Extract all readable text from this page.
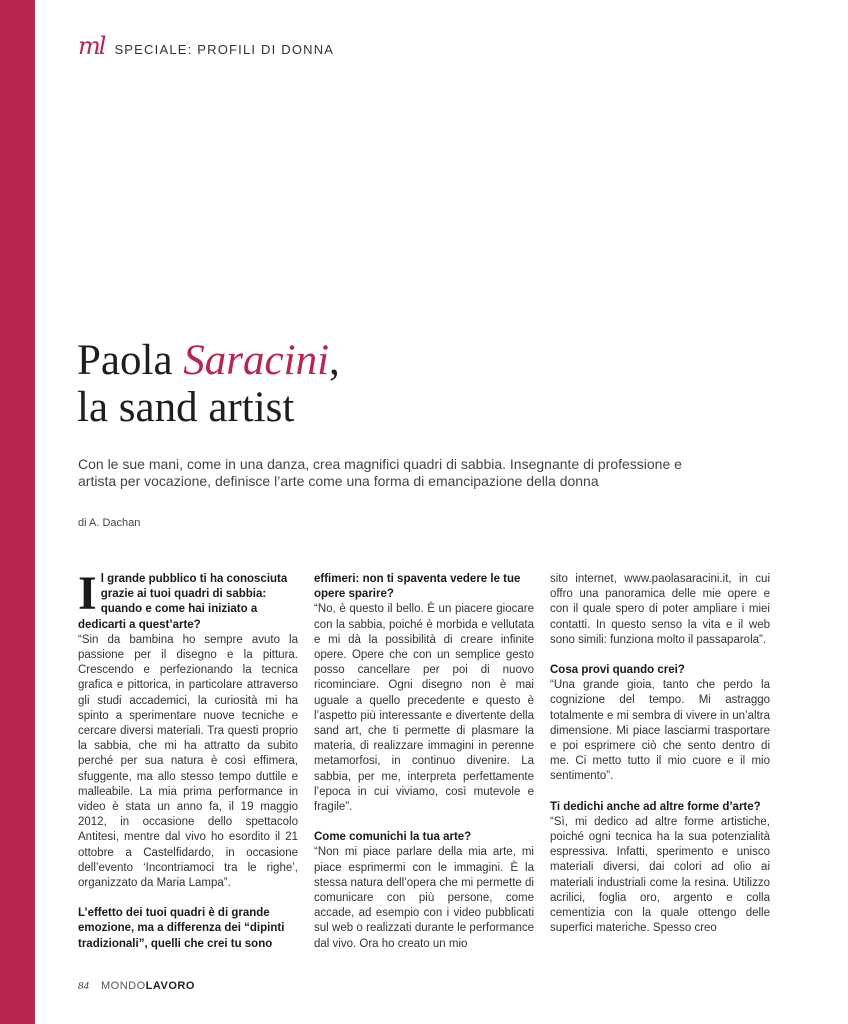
ml SPECIALE: PROFILI DI DONNA
Paola Saracini,
la sand artist

Con le sue mani, come in una danza, crea magnifici quadri di sabbia. Insegnante di professione e artista per vocazione, definisce l’arte come una forma di emancipazione della donna

di A. Dachan

Il grande pubblico ti ha conosciuta grazie ai tuoi quadri di sabbia: quando e come hai iniziato a dedicarti a quest’arte?

“Sin da bambina ho sempre avuto la passione per il disegno e la pittura. Crescendo e perfezionando la tecnica grafica e pittorica, in particolare attraverso gli studi accademici, la curiosità mi ha spinto a sperimentare nuove tecniche e cercare diversi materiali. Tra questi proprio la sabbia, che mi ha attratto da subito perché per sua natura è così effimera, sfuggente, ma allo stesso tempo duttile e malleabile. La mia prima performance in video è stata un anno fa, il 19 maggio 2012, in occasione dello spettacolo Antitesi, mentre dal vivo ho esordito il 21 ottobre a Castelfidardo, in occasione dell’evento ‘Incontriamoci tra le righe’, organizzato da Maria Lampa”.

L’effetto dei tuoi quadri è di grande emozione, ma a differenza dei “dipinti tradizionali”, quelli che crei tu sono

effimeri: non ti spaventa vedere le tue opere sparire?

“No, è questo il bello. È un piacere giocare con la sabbia, poiché è morbida e vellutata e mi dà la possibilità di creare infinite opere. Opere che con un semplice gesto posso cancellare per poi di nuovo ricominciare. Ogni disegno non è mai uguale a quello precedente e questo è l’aspetto più interessante e divertente della sand art, che ti permette di plasmare la materia, di realizzare immagini in perenne metamorfosi, in continuo divenire. La sabbia, per me, interpreta perfettamente l’epoca in cui viviamo, così mutevole e fragile”.

Come comunichi la tua arte?

“Non mi piace parlare della mia arte, mi piace esprimermi con le immagini. È la stessa natura dell’opera che mi permette di comunicare con più persone, come accade, ad esempio con i video pubblicati sul web o realizzati durante le performance dal vivo. Ora ho creato un mio

sito internet, www.paolasaracini.it, in cui offro una panoramica delle mie opere e con il quale spero di poter ampliare i miei contatti. In questo senso la vita e il web sono simili: funziona molto il passaparola”.

Cosa provi quando crei?

“Una grande gioia, tanto che perdo la cognizione del tempo. Mi astraggo totalmente e mi sembra di vivere in un’altra dimensione. Mi piace lasciarmi trasportare e poi esprimere ciò che sento dentro di me. Ci metto tutto il mio cuore e il mio sentimento”.

Ti dedichi anche ad altre forme d’arte?

“Sì, mi dedico ad altre forme artistiche, poiché ogni tecnica ha la sua potenzialità espressiva. Infatti, sperimento e unisco materiali diversi, dai colori ad olio ai materiali industriali come la resina. Utilizzo acrilici, foglia oro, argento e colla cementizia con la quale ottengo delle superfici materiche. Spesso creo

84 MONDO LAVORO
